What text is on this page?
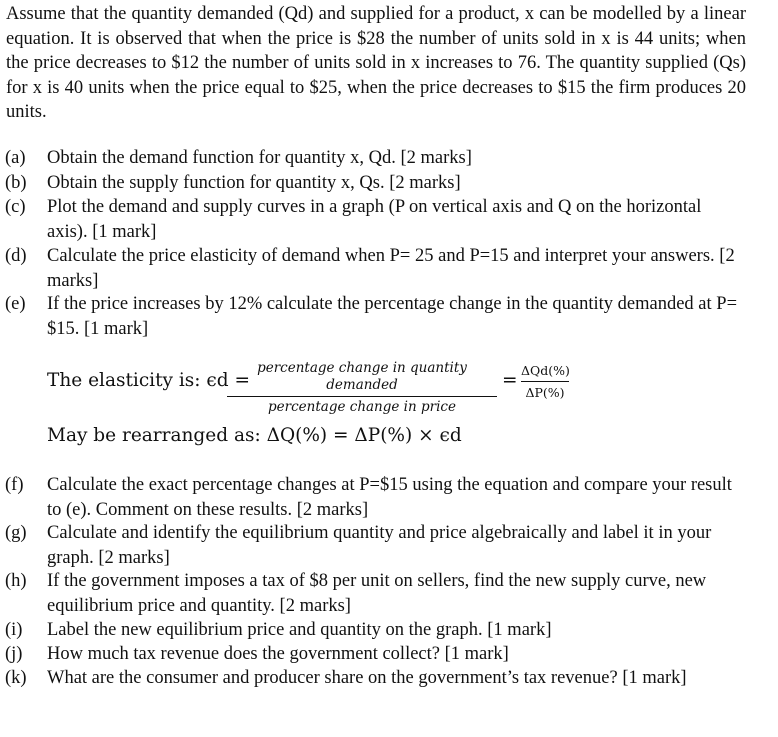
Assume that the quantity demanded (Qd) and supplied for a product, x can be modelled by a linear equation. It is observed that when the price is $28 the number of units sold in x is 44 units; when the price decreases to $12 the number of units sold in x increases to 76. The quantity supplied (Qs) for x is 40 units when the price equal to $25, when the price decreases to $15 the firm produces 20 units.
(a)	Obtain the demand function for quantity x, Qd. [2 marks]
(b)	Obtain the supply function for quantity x, Qs. [2 marks]
(c)	Plot the demand and supply curves in a graph (P on vertical axis and Q on the horizontal axis). [1 mark]
(d)	Calculate the price elasticity of demand when P= 25 and P=15 and interpret your answers. [2 marks]
(e)	If the price increases by 12% calculate the percentage change in the quantity demanded at P= $15. [1 mark]
The elasticity is: ϵd =
percentage change in quantity demanded
percentage change in price
= ΔQd(%)
ΔP(%)
May be rearranged as: ΔQ(%) = ΔP(%) × ϵd
(f)	Calculate the exact percentage changes at P=$15 using the equation and compare your result to (e). Comment on these results. [2 marks]
(g)	Calculate and identify the equilibrium quantity and price algebraically and label it in your graph. [2 marks]
(h)	If the government imposes a tax of $8 per unit on sellers, find the new supply curve, new equilibrium price and quantity. [2 marks]
(i)	Label the new equilibrium price and quantity on the graph. [1 mark]
(j)	How much tax revenue does the government collect? [1 mark]
(k)	What are the consumer and producer share on the government’s tax revenue? [1 mark]
